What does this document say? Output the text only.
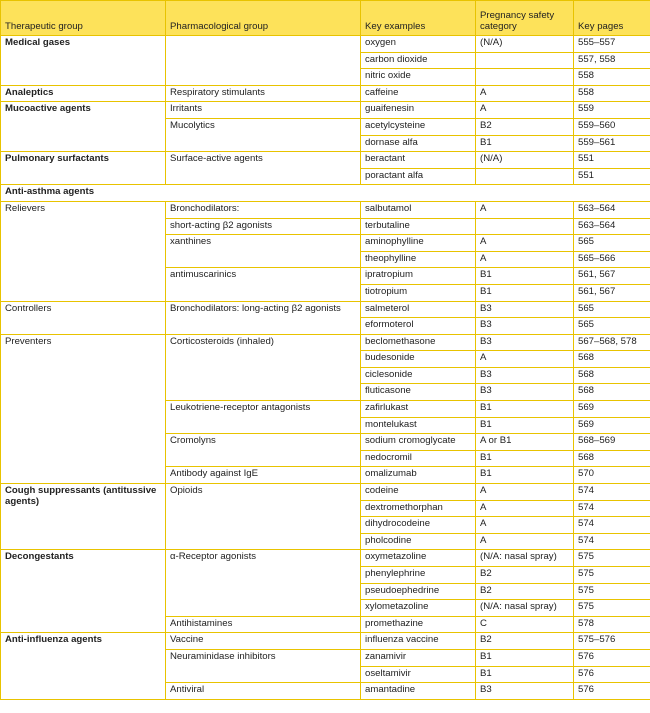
Therapeutic group	Pharmacological group	Key examples	Pregnancy safety category	Key pages
Medical gases		oxygen	(N/A)	555–557
		carbon dioxide		557, 558
		nitric oxide		558
Analeptics	Respiratory stimulants	caffeine	A	558
Mucoactive agents	Irritants	guaifenesin	A	559
	Mucolytics	acetylcysteine	B2	559–560
		dornase alfa	B1	559–561
Pulmonary surfactants	Surface-active agents	beractant	(N/A)	551
		poractant alfa		551
Anti-asthma agents				
Relievers	Bronchodilators:	salbutamol	A	563–564
	short-acting β2 agonists	terbutaline		563–564
	xanthines	aminophylline	A	565
		theophylline	A	565–566
	antimuscarinics	ipratropium	B1	561, 567
		tiotropium	B1	561, 567
Controllers	Bronchodilators: long-acting β2 agonists	salmeterol	B3	565
		eformoterol	B3	565
Preventers	Corticosteroids (inhaled)	beclomethasone	B3	567–568, 578
		budesonide	A	568
		ciclesonide	B3	568
		fluticasone	B3	568
	Leukotriene-receptor antagonists	zafirlukast	B1	569
		montelukast	B1	569
	Cromolyns	sodium cromoglycate	A or B1	568–569
		nedocromil	B1	568
	Antibody against IgE	omalizumab	B1	570
Cough suppressants (antitussive agents)	Opioids	codeine	A	574
		dextromethorphan	A	574
		dihydrocodeine	A	574
		pholcodine	A	574
Decongestants	α-Receptor agonists	oxymetazoline	(N/A: nasal spray)	575
		phenylephrine	B2	575
		pseudoephedrine	B2	575
		xylometazoline	(N/A: nasal spray)	575
	Antihistamines	promethazine	C	578
Anti-influenza agents	Vaccine	influenza vaccine	B2	575–576
	Neuraminidase inhibitors	zanamivir	B1	576
		oseltamivir	B1	576
	Antiviral	amantadine	B3	576
